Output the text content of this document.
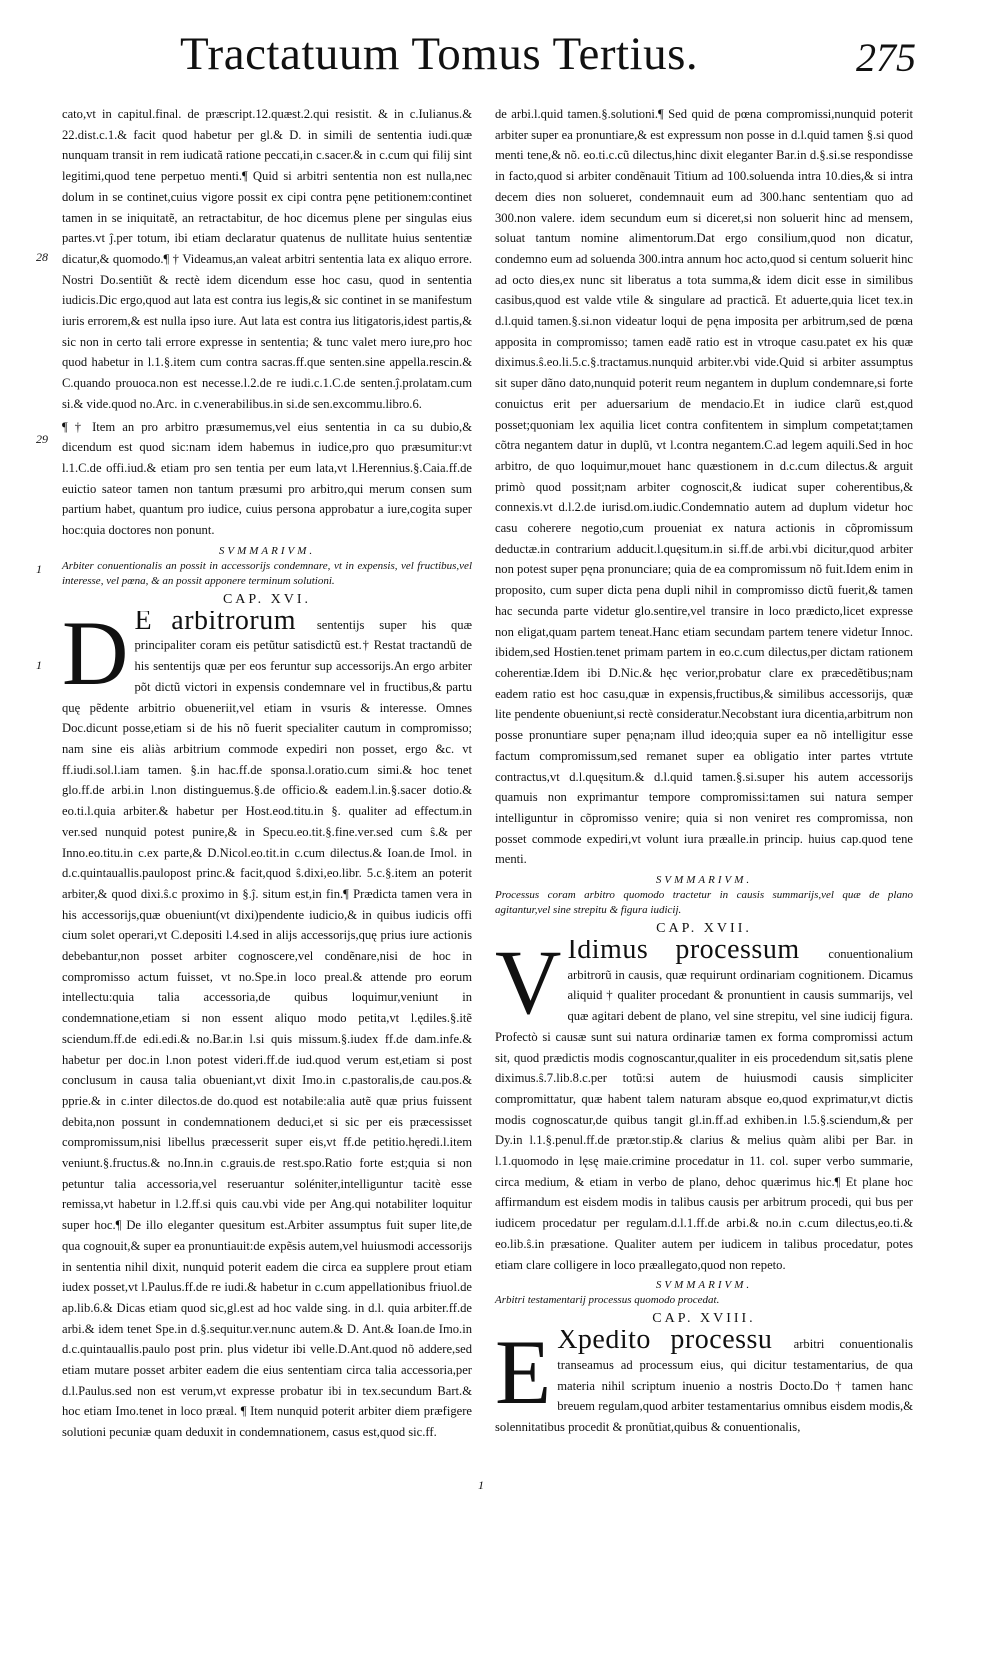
Tractatuum Tomus Tertius.	275

cato,vt in capitul.final. de præscript.12.quæst.2.qui resistit. & in c.Iulianus.& 22.dist.c.1.& facit quod habetur per gl.& D. in simili de sententia iudi.quæ nunquam transit in rem iudicatã ratione peccati,in c.sacer.& in c.cum qui filij sint legitimi,quod tene perpetuo menti.¶ Quid si arbitri sententia non est nulla,nec dolum in se continet,cuius vigore possit ex cipi contra pęne petitionem:continet tamen in se iniquitatẽ, an retractabitur, de hoc dicemus plene per singulas eius partes.vt ĵ.per totum, ibi etiam declaratur quatenus de nullitate huius sententiæ dicatur,& quomodo.¶ † Videamus,an valeat arbitri sententia lata ex aliquo errore. Nostri Do.sentiũt & rectè idem dicendum esse hoc casu, quod in sententia iudicis.Dic ergo,quod aut lata est contra ius legis,& sic continet in se manifestum iuris errorem,& est nulla ipso iure. Aut lata est contra ius litigatoris,idest partis,& sic non in certo tali errore expresse in sententia; & tunc valet mero iure,pro hoc quod habetur in l.1.§.item cum contra sacras.ff.que senten.sine appella.rescin.& C.quando prouoca.non est necesse.l.2.de re iudi.c.1.C.de senten.ĵ.prolatam.cum si.& vide.quod no.Arc. in c.venerabilibus.in si.de sen.excommu.libro.6.

¶ † Item an pro arbitro præsumemus,vel eius sententia in ca su dubio,& dicendum est quod sic:nam idem habemus in iudice,pro quo præsumitur:vt l.1.C.de offi.iud.& etiam pro sen tentia per eum lata,vt l.Herennius.§.Caia.ff.de euictio sateor tamen non tantum præsumi pro arbitro,qui merum consen sum partium habet, quantum pro iudice, cuius persona approbatur a iure,cogita super hoc:quia doctores non ponunt.

SVMMARIVM.

Arbiter conuentionalis an possit in accessorijs condemnare, vt in expensis, vel fructibus,vel interesse, vel pœna, & an possit apponere terminum solutioni.

CAP. XVI.

D E arbitrorum sententijs super his quæ principaliter coram eis petũtur satisdictũ est.† Restat tractandũ de his sententijs quæ per eos feruntur sup accessorijs.An ergo arbiter põt dictũ victori in expensis condemnare vel in fructibus,& partu quę pẽdente arbitrio obueneriit,vel etiam in vsuris & interesse. Omnes Doc.dicunt posse,etiam si de his nõ fuerit specialiter cautum in compromisso; nam sine eis aliàs arbitrium commode expediri non posset, ergo &c. vt ff.iudi.sol.l.iam tamen. §.in hac.ff.de sponsa.l.oratio.cum simi.& hoc tenet glo.ff.de arbi.in l.non distinguemus.§.de officio.& eadem.l.in.§.sacer dotio.& eo.ti.l.quia arbiter.& habetur per Host.eod.titu.in §. qualiter ad effectum.in ver.sed nunquid potest punire,& in Specu.eo.tit.§.fine.ver.sed cum ŝ.& per Inno.eo.titu.in c.ex parte,& D.Nicol.eo.tit.in c.cum dilectus.& Ioan.de Imol. in d.c.quintauallis.paulopost princ.& facit,quod ŝ.dixi,eo.libr. 5.c.§.item an poterit arbiter,& quod dixi.ŝ.c proximo in §.ĵ. situm est,in fin.¶ Prædicta tamen vera in his accessorijs,quæ obueniunt(vt dixi)pendente iudicio,& in quibus iudicis offi cium solet operari,vt C.depositi l.4.sed in alijs accessorijs,quę prius iure actionis debebantur,non posset arbiter cognoscere,vel condẽnare,nisi de hoc in compromisso actum fuisset, vt no.Spe.in loco preal.& attende pro eorum intellectu:quia talia accessoria,de quibus loquimur,veniunt in condemnatione,etiam si non essent aliquo modo petita,vt l.ędiles.§.itẽ sciendum.ff.de edi.edi.& no.Bar.in l.si quis missum.§.iudex ff.de dam.infe.& habetur per doc.in l.non potest videri.ff.de iud.quod verum est,etiam si post conclusum in causa talia obueniant,vt dixit Imo.in c.pastoralis,de cau.pos.& pprie.& in c.inter dilectos.de do.quod est notabile:alia autẽ quæ prius fuissent debita,non possunt in condemnationem deduci,et si sic per eis præcessisset compromissum,nisi libellus præcesserit super eis,vt ff.de petitio.hęredi.l.item veniunt.§.fructus.& no.Inn.in c.grauis.de rest.spo.Ratio forte est;quia si non petuntur talia accessoria,vel reseruantur soléniter,intelliguntur tacitè esse remissa,vt habetur in l.2.ff.si quis cau.vbi vide per Ang.qui notabiliter loquitur super hoc.¶ De illo eleganter quesitum est.Arbiter assumptus fuit super lite,de qua cognouit,& super ea pronuntiauit:de expẽsis autem,vel huiusmodi accessorijs in sententia nihil dixit, nunquid poterit eadem die circa ea supplere prout etiam iudex posset,vt l.Paulus.ff.de re iudi.& habetur in c.cum appellationibus friuol.de ap.lib.6.& Dicas etiam quod sic,gl.est ad hoc valde sing. in d.l. quia arbiter.ff.de arbi.& idem tenet Spe.in d.§.sequitur.ver.nunc autem.& D. Ant.& Ioan.de Imo.in d.c.quintauallis.paulo post prin. plus videtur ibi velle.D.Ant.quod nõ addere,sed etiam mutare posset arbiter eadem die eius sententiam circa talia accessoria,per d.l.Paulus.sed non est verum,vt expresse probatur ibi in tex.secundum Bart.& hoc etiam Imo.tenet in loco præal. ¶ Item nunquid poterit arbiter diem præfigere solutioni pecuniæ quam deduxit in condemnationem, casus est,quod sic.ff.
28
29
1
1

de arbi.l.quid tamen.§.solutioni.¶ Sed quid de pœna compromissi,nunquid poterit arbiter super ea pronuntiare,& est expressum non posse in d.l.quid tamen §.si quod menti tene,& nõ. eo.ti.c.cũ dilectus,hinc dixit eleganter Bar.in d.§.si.se respondisse in facto,quod si arbiter condẽnauit Titium ad 100.soluenda intra 10.dies,& si intra decem dies non solueret, condemnauit eum ad 300.hanc sententiam quo ad 300.non valere. idem secundum eum si diceret,si non soluerit hinc ad mensem, soluat tantum nomine alimentorum.Dat ergo consilium,quod non dicatur, condemno eum ad soluenda 300.intra annum hoc acto,quod si centum soluerit hinc ad octo dies,ex nunc sit liberatus a tota summa,& idem dicit esse in similibus casibus,quod est valde vtile & singulare ad practicã. Et aduerte,quia licet tex.in d.l.quid tamen.§.si.non videatur loqui de pęna imposita per arbitrum,sed de pœna apposita in compromisso; tamen eadẽ ratio est in vtroque casu.patet ex his quæ diximus.ŝ.eo.li.5.c.§.tractamus.nunquid arbiter.vbi vide.Quid si arbiter assumptus sit super dãno dato,nunquid poterit reum negantem in duplum condemnare,si forte conuictus erit per aduersarium de mendacio.Et in iudice clarũ est,quod posset;quoniam lex aquilia licet contra confitentem in simplum competat;tamen cõtra negantem datur in duplũ, vt l.contra negantem.C.ad legem aquili.Sed in hoc arbitro, de quo loquimur,mouet hanc quæstionem in d.c.cum dilectus.& arguit primò quod possit;nam arbiter cognoscit,& iudicat super coherentibus,& connexis.vt d.l.2.de iurisd.om.iudic.Condemnatio autem ad duplum videtur hoc casu coherere negotio,cum proueniat ex natura actionis in cõpromissum deductæ.in contrarium adducit.l.quęsitum.in si.ff.de arbi.vbi dicitur,quod arbiter non potest super pęna pronunciare; quia de ea compromissum nõ fuit.Idem enim in proposito, cum super dicta pena dupli nihil in compromisso dictũ fuerit,& tamen hac secunda parte videtur glo.sentire,vel transire in loco prædicto,licet expresse non eligat,quam partem teneat.Hanc etiam secundam partem tenere videtur Innoc. ibidem,sed Hostien.tenet primam partem in eo.c.cum dilectus,per dictam rationem coherentiæ.Idem ibi D.Nic.& hęc verior,probatur clare ex præcedẽtibus;nam eadem ratio est hoc casu,quæ in expensis,fructibus,& similibus accessorijs, quæ lite pendente obueniunt,si rectè consideratur.Necobstant iura dicentia,arbitrum non posse pronuntiare super pęna;nam illud ideo;quia super ea nõ intelligitur esse factum compromissum,sed remanet super ea obligatio inter partes vtrtute contractus,vt d.l.quęsitum.& d.l.quid tamen.§.si.super his autem accessorijs quamuis non exprimantur tempore compromissi:tamen sui natura semper intelliguntur in cõpromisso venire; quia si non veniret res compromissa, non posset commode expediri,vt volunt iura præalle.in princip. huius cap.quod tene menti.

SVMMARIVM.

Processus coram arbitro quomodo tractetur in causis summarijs,vel quæ de plano agitantur,vel sine strepitu & figura iudicij.

CAP. XVII.

V Idimus processum conuentionalium arbitrorũ in causis, quæ requirunt ordinariam cognitionem. Dicamus aliquid † qualiter procedant & pronuntient in causis summarijs, vel quæ agitari debent de plano, vel sine strepitu, vel sine iudicij figura. Profectò si causæ sunt sui natura ordinariæ tamen ex forma compromissi actum sit, quod prædictis modis cognoscantur,qualiter in eis procedendum sit,satis plene diximus.ŝ.7.lib.8.c.per totũ:si autem de huiusmodi causis simpliciter compromittatur, quæ habent talem naturam absque eo,quod exprimatur,vt dictis modis cognoscatur,de quibus tangit gl.in.ff.ad exhiben.in l.5.§.sciendum,& per Dy.in l.1.§.penul.ff.de prætor.stip.& clarius & melius quàm alibi per Bar. in l.1.quomodo in lęsę maie.crimine procedatur in 11. col. super verbo summarie, circa medium, & etiam in verbo de plano, dehoc quærimus hic.¶ Et plane hoc affirmandum est eisdem modis in talibus causis per arbitrum procedi, qui bus per iudicem procedatur per regulam.d.l.1.ff.de arbi.& no.in c.cum dilectus,eo.ti.& eo.lib.ŝ.in præsatione. Qualiter autem per iudicem in talibus procedatur, potes etiam clare colligere in loco præallegato,quod non repeto.

SVMMARIVM.

Arbitri testamentarij processus quomodo procedat.

CAP. XVIII.

E Xpedito processu arbitri conuentionalis transeamus ad processum eius, qui dicitur testamentarius, de qua materia nihil scriptum inuenio a nostris Docto.Do † tamen hanc breuem regulam,quod arbiter testamentarius omnibus eisdem modis,& solennitatibus procedit & pronũtiat,quibus & conuentionalis,
1
